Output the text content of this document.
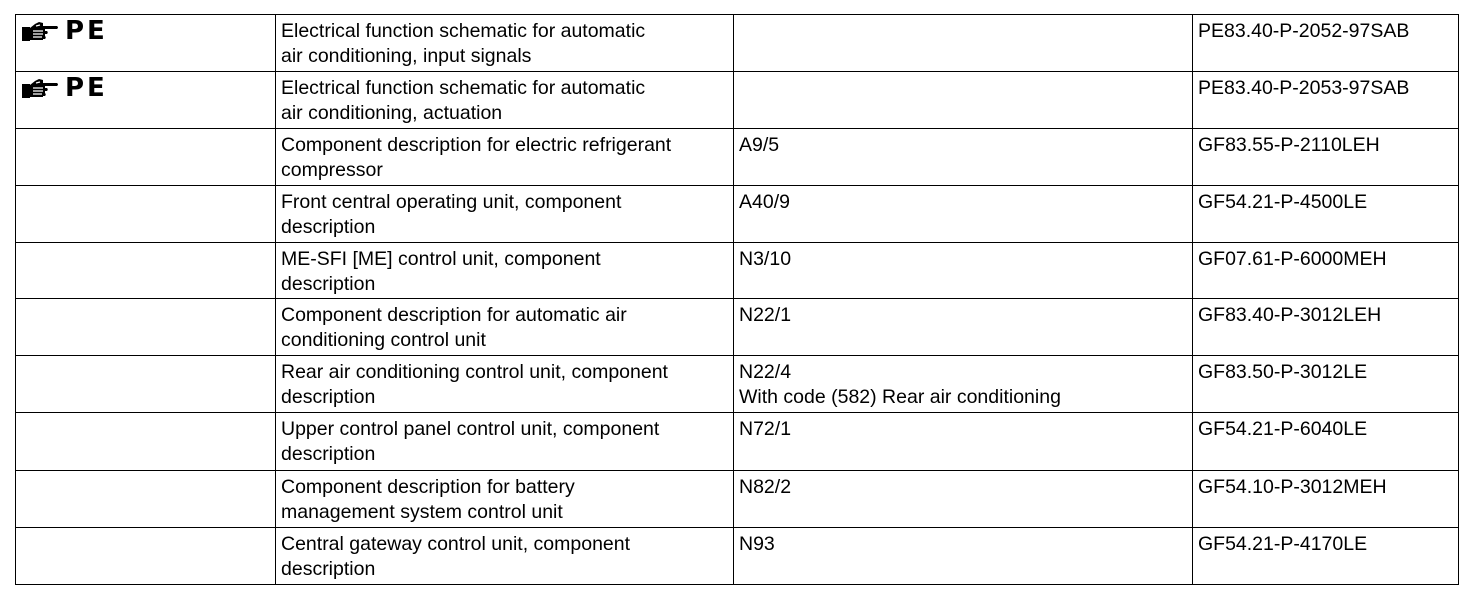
PE	Electrical function schematic for automatic
air conditioning, input signals		PE83.40-P-2052-97SAB

PE	Electrical function schematic for automatic
air conditioning, actuation		PE83.40-P-2053-97SAB

	Component description for electric refrigerant
compressor	A9/5	GF83.55-P-2110LEH

	Front central operating unit, component
description	A40/9	GF54.21-P-4500LE

	ME-SFI [ME] control unit, component
description	N3/10	GF07.61-P-6000MEH

	Component description for automatic air
conditioning control unit	N22/1	GF83.40-P-3012LEH

	Rear air conditioning control unit, component
description	N22/4
With code (582) Rear air conditioning	GF83.50-P-3012LE

	Upper control panel control unit, component
description	N72/1	GF54.21-P-6040LE

	Component description for battery
management system control unit	N82/2	GF54.10-P-3012MEH

	Central gateway control unit, component
description	N93	GF54.21-P-4170LE
